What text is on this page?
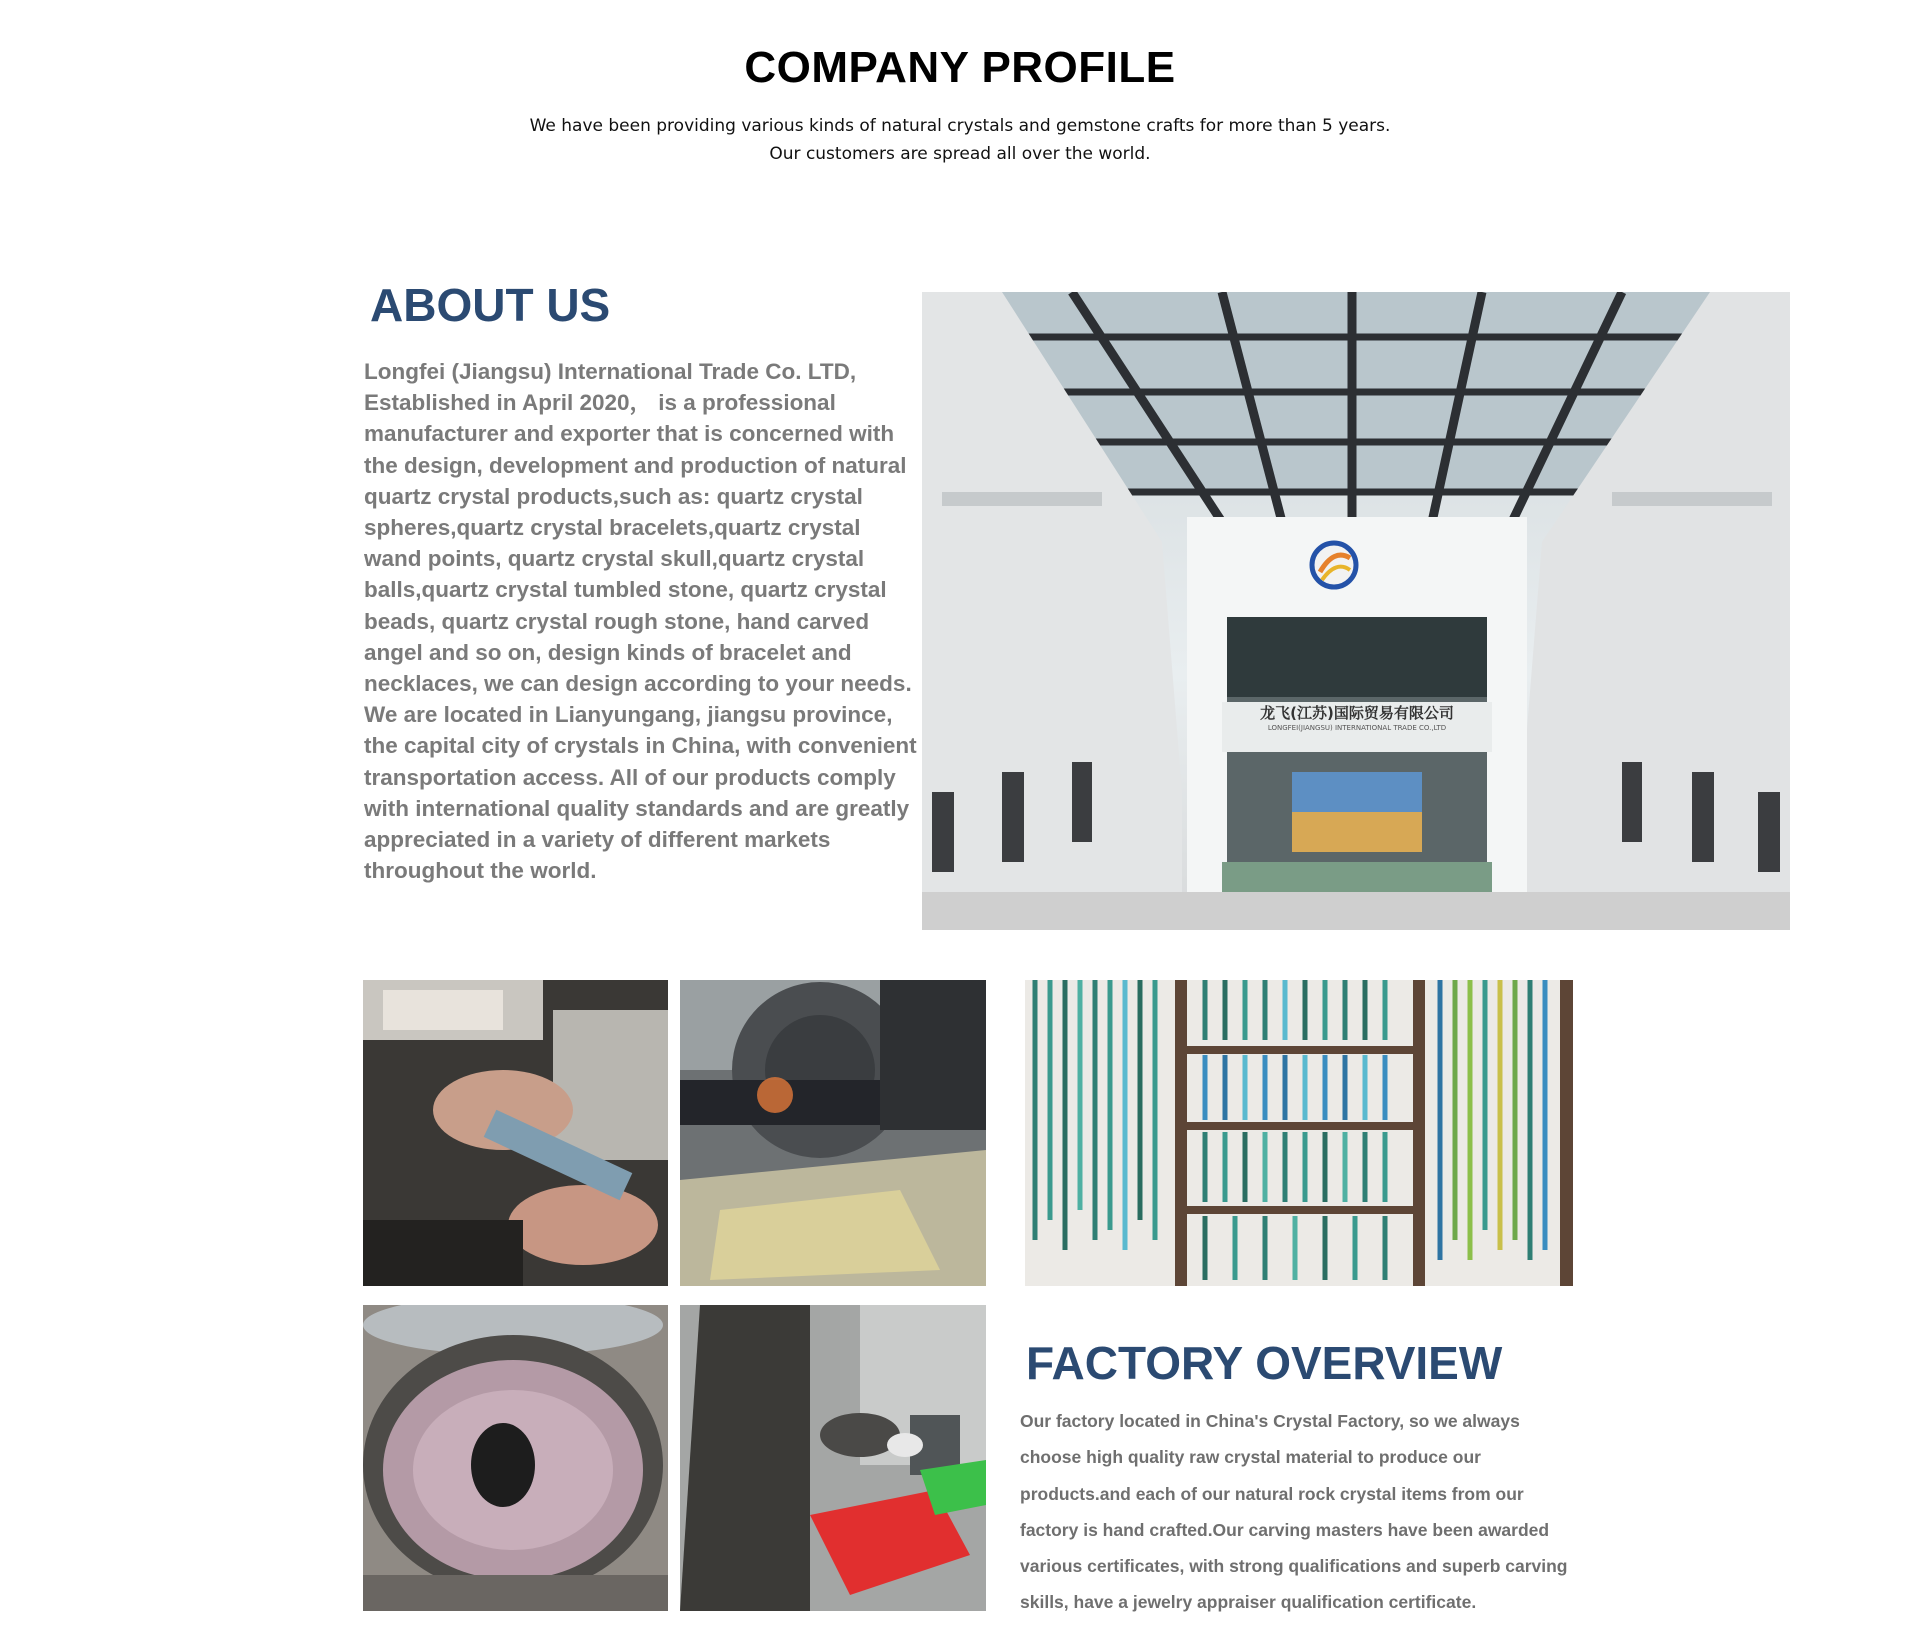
COMPANY PROFILE
We have been providing various kinds of natural crystals and gemstone crafts for more than 5 years.
Our customers are spread all over the world.
ABOUT US

Longfei (Jiangsu) International Trade Co. LTD, Established in April 2020， is a professional manufacturer and exporter that is concerned with the design, development and production of natural quartz crystal products,such as: quartz crystal spheres,quartz crystal bracelets,quartz crystal wand points, quartz crystal skull,quartz crystal balls,quartz crystal tumbled stone, quartz crystal beads, quartz crystal rough stone, hand carved angel and so on, design kinds of bracelet and necklaces, we can design according to your needs.

We are located in Lianyungang, jiangsu province, the capital city of crystals in China, with convenient transportation access. All of our products comply with international quality standards and are greatly appreciated in a variety of different markets throughout the world.

龙飞(江苏)国际贸易有限公司
LONGFEI(JIANGSU) INTERNATIONAL TRADE CO.,LTD
FACTORY OVERVIEW
Our factory located in China's Crystal Factory, so we always choose high quality raw crystal material to produce our products.and each of our natural rock crystal items from our factory is hand crafted.Our carving masters have been awarded various certificates, with strong qualifications and superb carving skills, have a jewelry appraiser qualification certificate.
